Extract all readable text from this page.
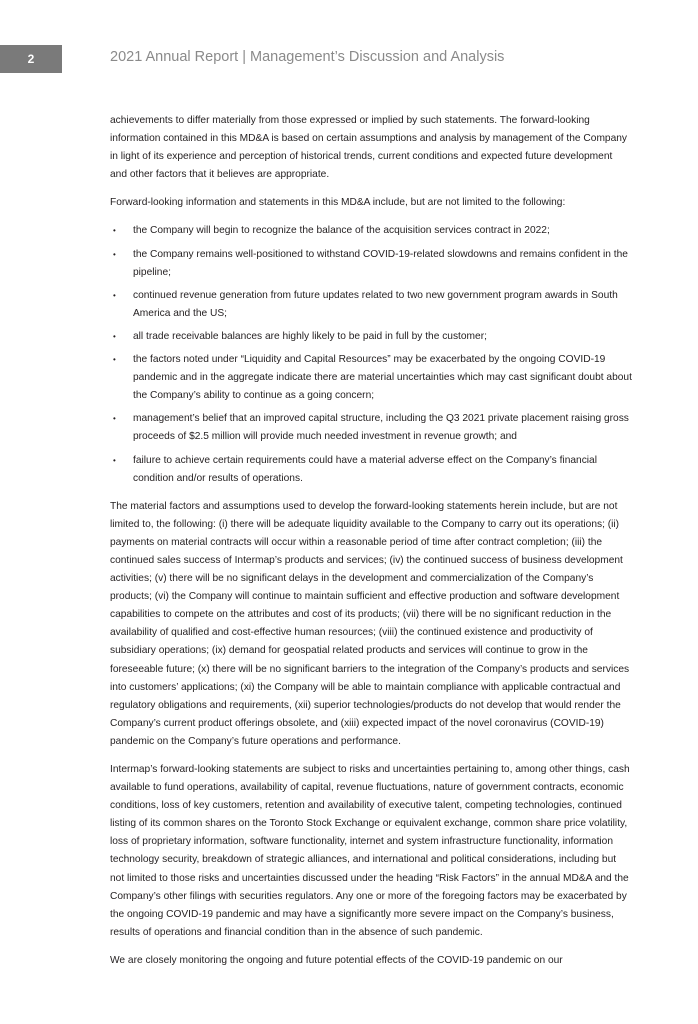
2	2021 Annual Report | Management’s Discussion and Analysis

achievements to differ materially from those expressed or implied by such statements. The forward-looking information contained in this MD&A is based on certain assumptions and analysis by management of the Company in light of its experience and perception of historical trends, current conditions and expected future development and other factors that it believes are appropriate.

Forward-looking information and statements in this MD&A include, but are not limited to the following:

• the Company will begin to recognize the balance of the acquisition services contract in 2022;
• the Company remains well-positioned to withstand COVID-19-related slowdowns and remains confident in the pipeline;
• continued revenue generation from future updates related to two new government program awards in South America and the US;
• all trade receivable balances are highly likely to be paid in full by the customer;
• the factors noted under “Liquidity and Capital Resources” may be exacerbated by the ongoing COVID-19 pandemic and in the aggregate indicate there are material uncertainties which may cast significant doubt about the Company’s ability to continue as a going concern;
• management’s belief that an improved capital structure, including the Q3 2021 private placement raising gross proceeds of $2.5 million will provide much needed investment in revenue growth; and
• failure to achieve certain requirements could have a material adverse effect on the Company’s financial condition and/or results of operations.

The material factors and assumptions used to develop the forward-looking statements herein include, but are not limited to, the following: (i) there will be adequate liquidity available to the Company to carry out its operations; (ii) payments on material contracts will occur within a reasonable period of time after contract completion; (iii) the continued sales success of Intermap’s products and services; (iv) the continued success of business development activities; (v) there will be no significant delays in the development and commercialization of the Company’s products; (vi) the Company will continue to maintain sufficient and effective production and software development capabilities to compete on the attributes and cost of its products; (vii) there will be no significant reduction in the availability of qualified and cost-effective human resources; (viii) the continued existence and productivity of subsidiary operations; (ix) demand for geospatial related products and services will continue to grow in the foreseeable future; (x) there will be no significant barriers to the integration of the Company’s products and services into customers’ applications; (xi) the Company will be able to maintain compliance with applicable contractual and regulatory obligations and requirements, (xii) superior technologies/products do not develop that would render the Company’s current product offerings obsolete, and (xiii) expected impact of the novel coronavirus (COVID-19) pandemic on the Company’s future operations and performance.

Intermap’s forward-looking statements are subject to risks and uncertainties pertaining to, among other things, cash available to fund operations, availability of capital, revenue fluctuations, nature of government contracts, economic conditions, loss of key customers, retention and availability of executive talent, competing technologies, continued listing of its common shares on the Toronto Stock Exchange or equivalent exchange, common share price volatility, loss of proprietary information, software functionality, internet and system infrastructure functionality, information technology security, breakdown of strategic alliances, and international and political considerations, including but not limited to those risks and uncertainties discussed under the heading “Risk Factors” in the annual MD&A and the Company’s other filings with securities regulators. Any one or more of the foregoing factors may be exacerbated by the ongoing COVID-19 pandemic and may have a significantly more severe impact on the Company’s business, results of operations and financial condition than in the absence of such pandemic.

We are closely monitoring the ongoing and future potential effects of the COVID-19 pandemic on our
